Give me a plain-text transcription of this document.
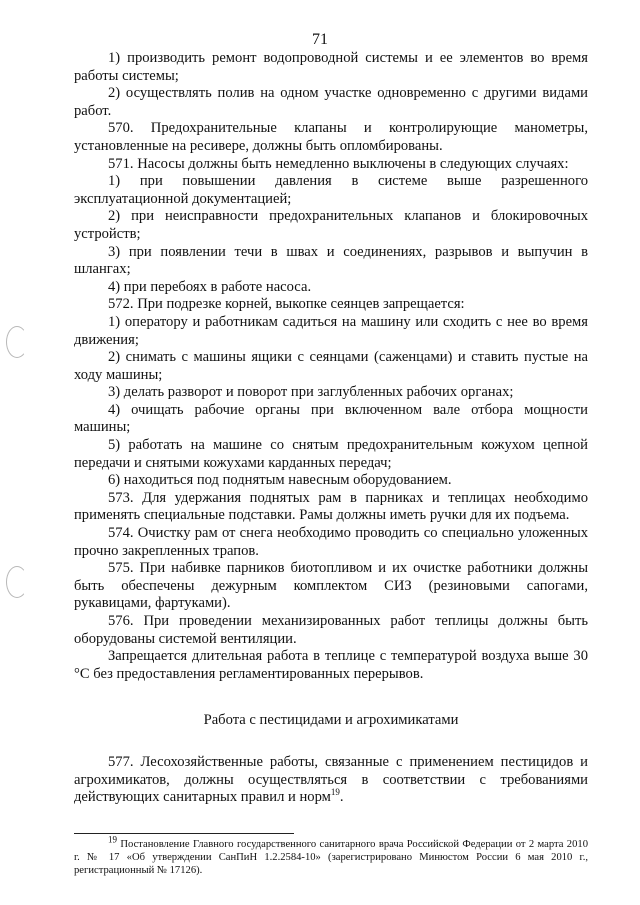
71

1) производить ремонт водопроводной системы и ее элементов во время работы системы;

2) осуществлять полив на одном участке одновременно с другими видами работ.

570. Предохранительные клапаны и контролирующие манометры, установленные на ресивере, должны быть опломбированы.

571. Насосы должны быть немедленно выключены в следующих случаях:

1) при повышении давления в системе выше разрешенного эксплуатационной документацией;

2) при неисправности предохранительных клапанов и блокировочных устройств;

3) при появлении течи в швах и соединениях, разрывов и выпучин в шлангах;

4) при перебоях в работе насоса.

572. При подрезке корней, выкопке сеянцев запрещается:

1) оператору и работникам садиться на машину или сходить с нее во время движения;

2) снимать с машины ящики с сеянцами (саженцами) и ставить пустые на ходу машины;

3) делать разворот и поворот при заглубленных рабочих органах;

4) очищать рабочие органы при включенном вале отбора мощности машины;

5) работать на машине со снятым предохранительным кожухом цепной передачи и снятыми кожухами карданных передач;

6) находиться под поднятым навесным оборудованием.

573. Для удержания поднятых рам в парниках и теплицах необходимо применять специальные подставки. Рамы должны иметь ручки для их подъема.

574. Очистку рам от снега необходимо проводить со специально уложенных прочно закрепленных трапов.

575. При набивке парников биотопливом и их очистке работники должны быть обеспечены дежурным комплектом СИЗ (резиновыми сапогами, рукавицами, фартуками).

576. При проведении механизированных работ теплицы должны быть оборудованы системой вентиляции.

Запрещается длительная работа в теплице с температурой воздуха выше 30 °С без предоставления регламентированных перерывов.

Работа с пестицидами и агрохимикатами

577. Лесохозяйственные работы, связанные с применением пестицидов и агрохимикатов, должны осуществляться в соответствии с требованиями действующих санитарных правил и норм$^{19}$.

$^{19}$ Постановление Главного государственного санитарного врача Российской Федерации от 2 марта 2010 г. № 17 «Об утверждении СанПиН 1.2.2584-10» (зарегистрировано Минюстом России 6 мая 2010 г., регистрационный № 17126).
